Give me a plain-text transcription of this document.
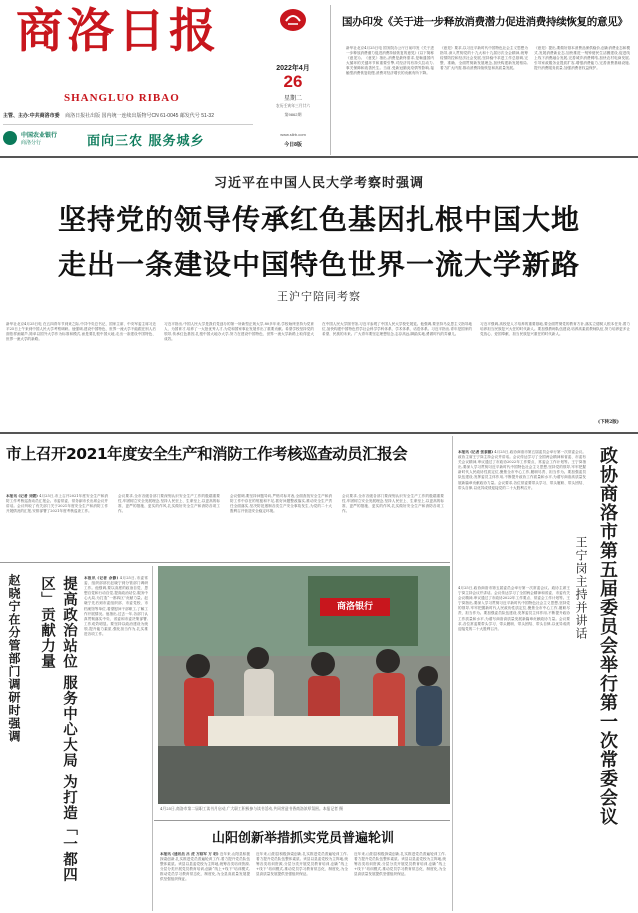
商洛日报
SHANGLUO RIBAO
主管、主办:中共商洛市委 商洛日报社出版 国内统一连续出版物号CN 61-0045 邮发代号 51-32
中国农业银行
商洛分行	面向三农 服务城乡
2022年4月
26
星期二
农历壬寅年三月廿六
第9862期
www.sllrb.com
今日8版
国办印发《关于进一步释放消费潜力促进消费持续恢复的意见》
新华社北京4月25日电 国务院办公厅日前印发《关于进一步释放消费潜力促进消费持续恢复的意见》(以下简称《意见》)。《意见》指出,消费是最终需求,是畅通国内大循环的关键环节和重要引擎,对经济具有持久拉动力,事关保障和改善民生。当前,受新冠肺炎疫情等影响,接触型消费恢复较慢,消费对经济增长的贡献有所下降。
《意见》要求,以习近平新时代中国特色社会主义思想为指导,深入贯彻党的十九大和十九届历次全会精神,统筹疫情防控和经济社会发展,坚持稳中求进工作总基调,完整、准确、全面贯彻新发展理念,加快构建新发展格局,着力扩大内需,推动消费持续恢复和高质量发展。
《意见》提出,要做好基本消费品保供稳价,创新消费业态和模式,发展消费新业态,加快推进一刻钟便民生活圈建设,促进线上线下消费融合发展,完善城乡消费网络,加快农村电商发展,引导家政服务业提质扩容,增强消费能力,完善消费基础设施,提升消费服务质量,加强消费者权益保护。
习近平在中国人民大学考察时强调
坚持党的领导传承红色基因扎根中国大地
走出一条建设中国特色世界一流大学新路
王沪宁陪同考察
新华社北京4月25日电 在五四青年节到来之际,中共中央总书记、国家主席、中央军委主席习近平25日上午来到中国人民大学考察调研。他强调,建设中国特色、世界一流大学不能跟在别人后面依样画葫芦,简单以国外大学作为标准和模式,而是要扎根中国大地,走出一条建设中国特色、世界一流大学的新路。
习近平指出,中国人民大学是我们党创办的第一所新型正规大学,80多年来,学校始终坚持为党育人、为国育才,培养了一大批优秀人才,为党和国家事业发展作出了重要贡献。希望学校坚持党的领导,传承红色基因,扎根中国大地办大学,努力在建设中国特色、世界一流大学新路上取得更大成效。
在中国人民大学图书馆,习近平参观了中国人民大学校史展览。他强调,要坚持马克思主义指导地位,加快构建中国特色哲学社会科学学科体系、学术体系、话语体系。习近平指出,青年是国家的希望、民族的未来。广大青年要坚定理想信念,志存高远,脚踏实地,勇做时代的弄潮儿。
习近平强调,高校是人才培养的重要基地,要全面贯彻党的教育方针,落实立德树人根本任务,着力培养担当民族复兴大任的时代新人。要加强教师队伍建设,培养高素质教师队伍,努力培养更多让党放心、爱国奉献、担当民族复兴重任的时代新人。
(下转2版)
市上召开2021年度安全生产和消防工作考核巡查动员汇报会
本报讯 (记者 刘媛) 4月25日,市上召开2021年度安全生产和消防工作考核巡查动员汇报会。市委常委、常务副市长出席会议并讲话。会议听取了有关部门关于2021年度安全生产和消防工作开展情况的汇报,安排部署了2021年度考核巡查工作。
会议要求,全市各级各部门要深刻认识安全生产工作的极端重要性,牢固树立安全发展理念,坚持人民至上、生命至上,以更高的标准、更严的措施、更实的作风,扎实做好安全生产和消防各项工作。
会议强调,要坚持问题导向,严格对标对表,全面查找安全生产和消防工作中存在的短板和不足,抓好问题整改落实,推动安全生产责任全面落实,坚决防范遏制各类生产安全事故发生,为党的二十大胜利召开营造安全稳定环境。
会议要求,全市各级各部门要深刻认识安全生产工作的极端重要性,牢固树立安全发展理念,坚持人民至上、生命至上,以更高的标准、更严的措施、更实的作风,扎实做好安全生产和消防各项工作。
提高政治站位 服务中心大局 为打造「一都四区」贡献力量
赵晓宁在分管部门调研时强调	本报讯 (记者 余静) 4月25日,市委常委、组织部部长赵晓宁到分管部门调研工作。他强调,要以高度的政治自觉、思想自觉和行动自觉,提高政治站位,服务中心大局,为打造“一都四区”贡献力量。赵晓宁先后到市委组织部、市委党校、市档案馆等单位,看望慰问干部职工,了解工作开展情况。他指出,过去一年,各部门认真贯彻落实中央、省委和市委决策部署,工作成效明显。要坚持以政治建设为统领,提升能力素质,强化担当作为,扎实推进各项工作。
商洛银行
4月25日,商洛市第二届职工读书月启动,广大职工积极参与读书活动,共同营造书香商洛浓厚氛围。本报记者 摄
山阳创新举措抓实党员普遍轮训
本报讯 (通讯员 吕 虎 万昭军 万 玥) 近年来,山阳县积极探索创新,扎实推进党员普遍轮训工作,着力提升党员队伍整体素质。该县以县委党校为主阵地,统筹各类培训资源,分层分类开展党员教育培训,创新“线上+线下”培训模式,推动党员学习教育常态化、制度化,为全县高质量发展提供坚强组织保证。
近年来,山阳县积极探索创新,扎实推进党员普遍轮训工作,着力提升党员队伍整体素质。该县以县委党校为主阵地,统筹各类培训资源,分层分类开展党员教育培训,创新“线上+线下”培训模式,推动党员学习教育常态化、制度化,为全县高质量发展提供坚强组织保证。
近年来,山阳县积极探索创新,扎实推进党员普遍轮训工作,着力提升党员队伍整体素质。该县以县委党校为主阵地,统筹各类培训资源,分层分类开展党员教育培训,创新“线上+线下”培训模式,推动党员学习教育常态化、制度化,为全县高质量发展提供坚强组织保证。
本报讯 (记者 张泰娜) 4月25日,政协商洛市第五届委员会举行第一次常委会议。政协主席王宁岗主持会议并讲话。会议传达学习了全国两会精神和省委、市委有关会议精神,审议通过了市政协2022年工作要点、常委会工作计划等。王宁岗指出,要深入学习贯彻习近平新时代中国特色社会主义思想,坚持党的领导,牢牢把握新时代人民政协性质定位,聚焦全市中心工作,履职尽责、担当作为。要加强委员队伍建设,发挥委员主体作用,不断提升政协工作质量和水平,为谱写商洛高质量发展新篇章贡献政协力量。会议要求,各位常委要带头学习、带头履职、带头团结、带头自律,以优异成绩迎接党的二十大胜利召开。	政协商洛市第五届委员会举行第一次常委会议
王宁岗主持并讲话
4月25日,政协商洛市第五届委员会举行第一次常委会议。政协主席王宁岗主持会议并讲话。会议传达学习了全国两会精神和省委、市委有关会议精神,审议通过了市政协2022年工作要点、常委会工作计划等。王宁岗指出,要深入学习贯彻习近平新时代中国特色社会主义思想,坚持党的领导,牢牢把握新时代人民政协性质定位,聚焦全市中心工作,履职尽责、担当作为。要加强委员队伍建设,发挥委员主体作用,不断提升政协工作质量和水平,为谱写商洛高质量发展新篇章贡献政协力量。会议要求,各位常委要带头学习、带头履职、带头团结、带头自律,以优异成绩迎接党的二十大胜利召开。
